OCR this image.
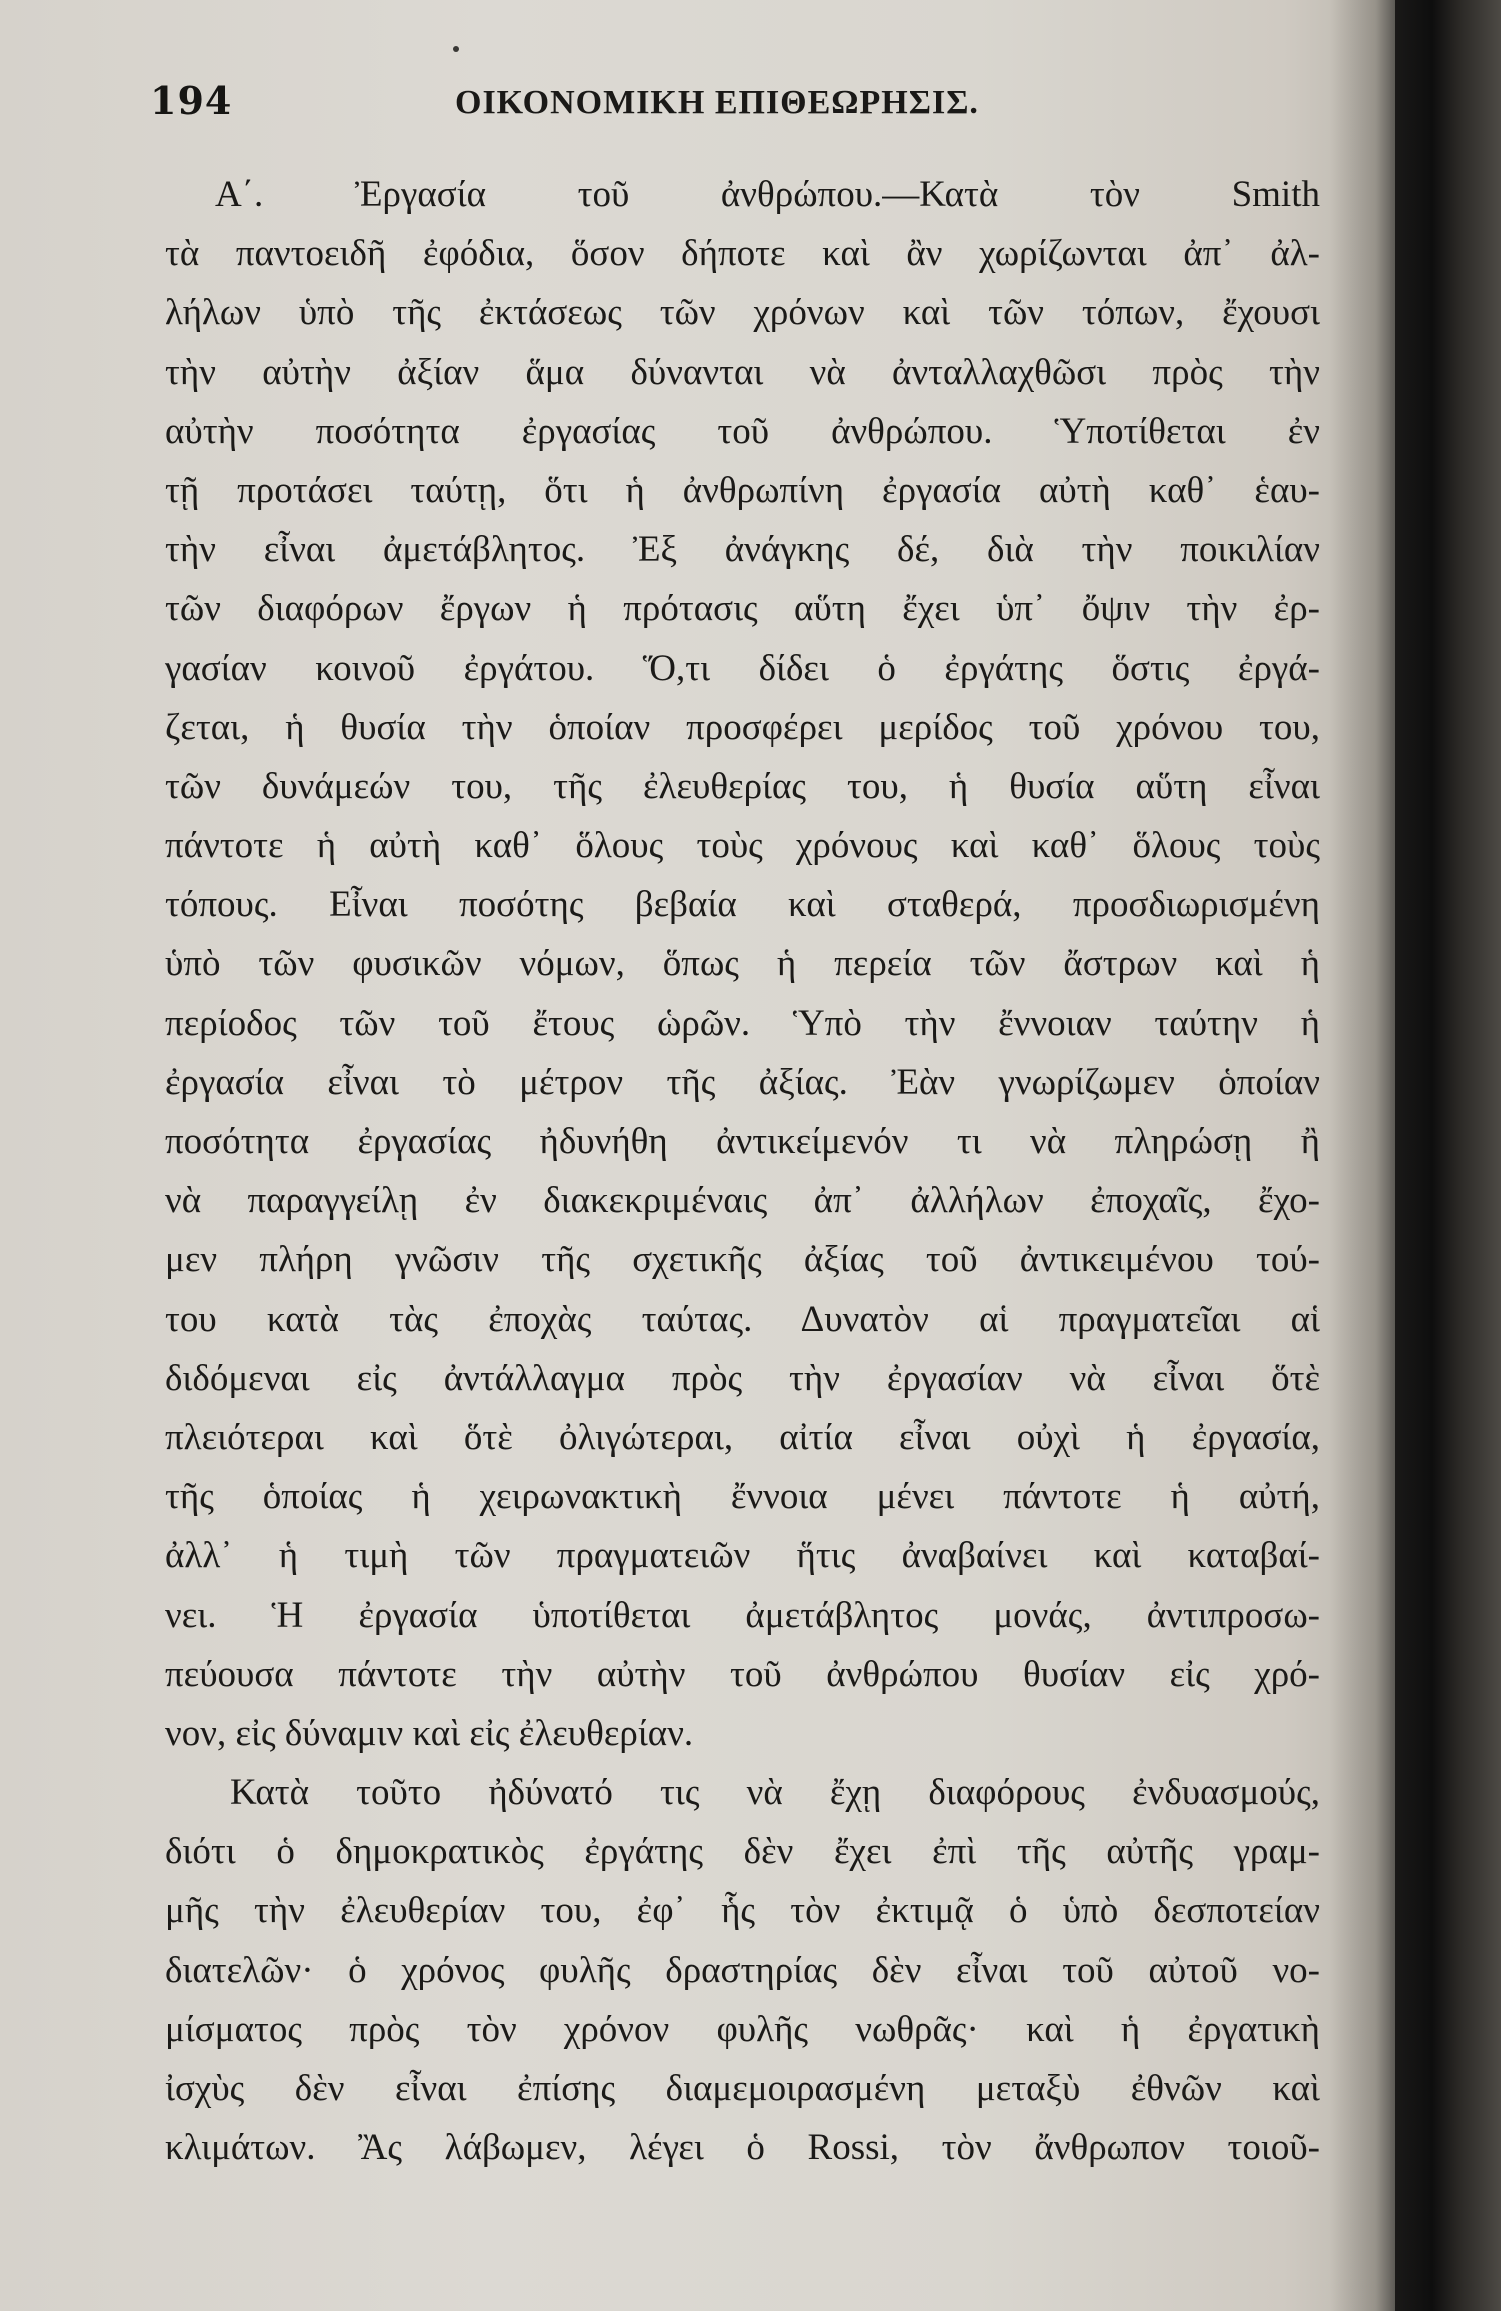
194	ΟΙΚΟΝΟΜΙΚΗ ΕΠΙΘΕΩΡΗΣΙΣ.
Α΄. Ἐργασία τοῦ ἀνθρώπου.—Κατὰ τὸν Smith
τὰ παντοειδῆ ἐφόδια, ὅσον δήποτε καὶ ἂν χωρίζωνται ἀπ᾽ ἀλ-
λήλων ὑπὸ τῆς ἐκτάσεως τῶν χρόνων καὶ τῶν τόπων, ἔχουσι
τὴν αὐτὴν ἀξίαν ἅμα δύνανται νὰ ἀνταλλαχθῶσι πρὸς τὴν
αὐτὴν ποσότητα ἐργασίας τοῦ ἀνθρώπου. Ὑποτίθεται ἐν
τῇ προτάσει ταύτῃ, ὅτι ἡ ἀνθρωπίνη ἐργασία αὐτὴ καθ᾽ ἑαυ-
τὴν εἶναι ἀμετάβλητος. Ἐξ ἀνάγκης δέ, διὰ τὴν ποικιλίαν
τῶν διαφόρων ἔργων ἡ πρότασις αὕτη ἔχει ὑπ᾽ ὄψιν τὴν ἐρ-
γασίαν κοινοῦ ἐργάτου. Ὅ,τι δίδει ὁ ἐργάτης ὅστις ἐργά-
ζεται, ἡ θυσία τὴν ὁποίαν προσφέρει μερίδος τοῦ χρόνου του,
τῶν δυνάμεών του, τῆς ἐλευθερίας του, ἡ θυσία αὕτη εἶναι
πάντοτε ἡ αὐτὴ καθ᾽ ὅλους τοὺς χρόνους καὶ καθ᾽ ὅλους τοὺς
τόπους. Εἶναι ποσότης βεβαία καὶ σταθερά, προσδιωρισμένη
ὑπὸ τῶν φυσικῶν νόμων, ὅπως ἡ περεία τῶν ἄστρων καὶ ἡ
περίοδος τῶν τοῦ ἔτους ὡρῶν. Ὑπὸ τὴν ἔννοιαν ταύτην ἡ
ἐργασία εἶναι τὸ μέτρον τῆς ἀξίας. Ἐὰν γνωρίζωμεν ὁποίαν
ποσότητα ἐργασίας ἠδυνήθη ἀντικείμενόν τι νὰ πληρώσῃ ἢ
νὰ παραγγείλῃ ἐν διακεκριμέναις ἀπ᾽ ἀλλήλων ἐποχαῖς, ἔχο-
μεν πλήρη γνῶσιν τῆς σχετικῆς ἀξίας τοῦ ἀντικειμένου τού-
του κατὰ τὰς ἐποχὰς ταύτας. Δυνατὸν αἱ πραγματεῖαι αἱ
διδόμεναι εἰς ἀντάλλαγμα πρὸς τὴν ἐργασίαν νὰ εἶναι ὅτὲ
πλειότεραι καὶ ὅτὲ ὀλιγώτεραι, αἰτία εἶναι οὐχὶ ἡ ἐργασία,
τῆς ὁποίας ἡ χειρωνακτικὴ ἔννοια μένει πάντοτε ἡ αὐτή,
ἀλλ᾽ ἡ τιμὴ τῶν πραγματειῶν ἥτις ἀναβαίνει καὶ καταβαί-
νει. Ἡ ἐργασία ὑποτίθεται ἀμετάβλητος μονάς, ἀντιπροσω-
πεύουσα πάντοτε τὴν αὐτὴν τοῦ ἀνθρώπου θυσίαν εἰς χρό-
νον, εἰς δύναμιν καὶ εἰς ἐλευθερίαν.
Κατὰ τοῦτο ἠδύνατό τις νὰ ἔχῃ διαφόρους ἐνδυασμούς,
διότι ὁ δημοκρατικὸς ἐργάτης δὲν ἔχει ἐπὶ τῆς αὐτῆς γραμ-
μῆς τὴν ἐλευθερίαν του, ἐφ᾽ ἧς τὸν ἐκτιμᾷ ὁ ὑπὸ δεσποτείαν
διατελῶν· ὁ χρόνος φυλῆς δραστηρίας δὲν εἶναι τοῦ αὐτοῦ νο-
μίσματος πρὸς τὸν χρόνον φυλῆς νωθρᾶς· καὶ ἡ ἐργατικὴ
ἰσχὺς δὲν εἶναι ἐπίσης διαμεμοιρασμένη μεταξὺ ἐθνῶν καὶ
κλιμάτων. Ἂς λάβωμεν, λέγει ὁ Rossi, τὸν ἄνθρωπον τοιοῦ-
